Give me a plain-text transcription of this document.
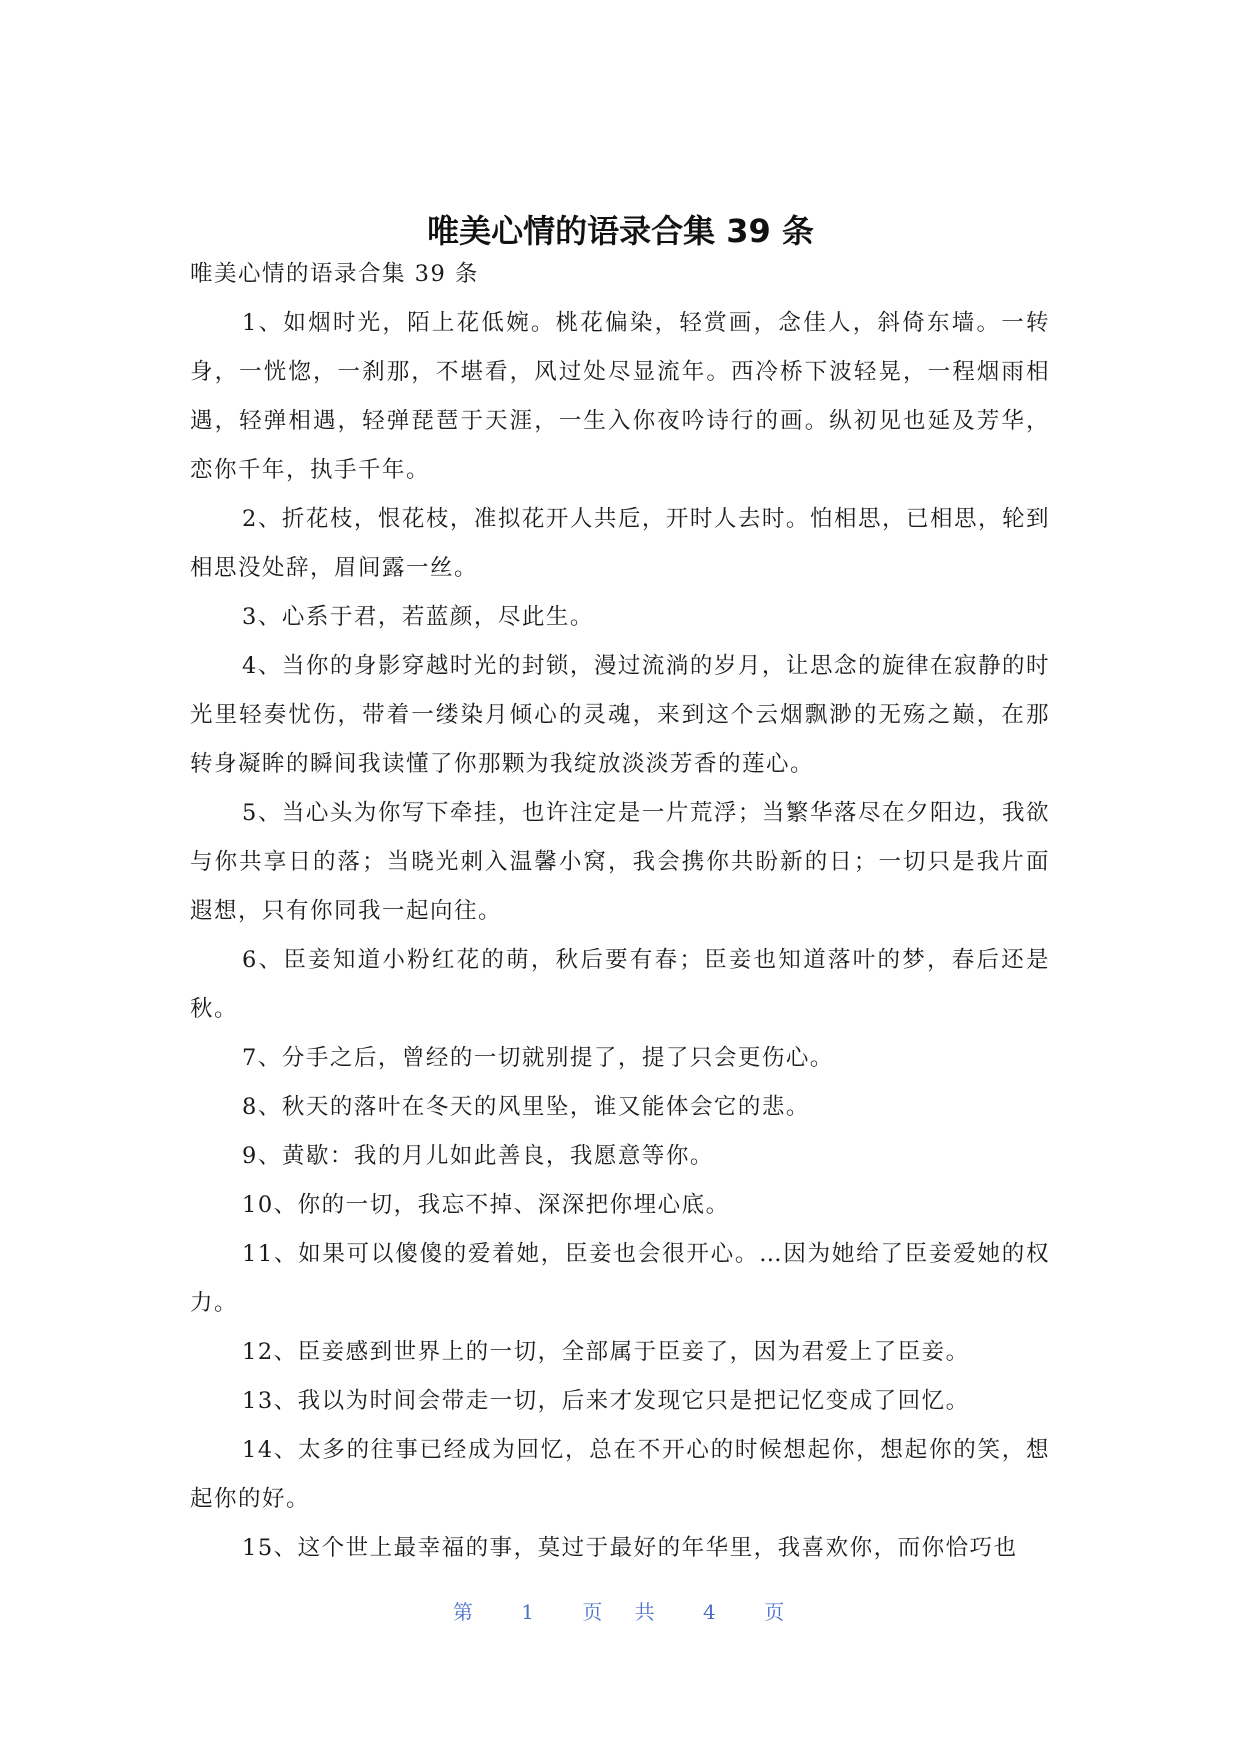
唯美心情的语录合集 39 条

唯美心情的语录合集 39 条

1、如烟时光，陌上花低婉。桃花偏染，轻赏画，念佳人，斜倚东墙。一转身，一恍惚，一刹那，不堪看，风过处尽显流年。西冷桥下波轻晃，一程烟雨相遇，轻弹相遇，轻弹琵琶于天涯，一生入你夜吟诗行的画。纵初见也延及芳华，恋你千年，执手千年。

2、折花枝，恨花枝，准拟花开人共卮，开时人去时。怕相思，已相思，轮到相思没处辞，眉间露一丝。

3、心系于君，若蓝颜，尽此生。

4、当你的身影穿越时光的封锁，漫过流淌的岁月，让思念的旋律在寂静的时光里轻奏忧伤，带着一缕染月倾心的灵魂，来到这个云烟飘渺的无殇之巅，在那转身凝眸的瞬间我读懂了你那颗为我绽放淡淡芳香的莲心。

5、当心头为你写下牵挂，也许注定是一片荒浮；当繁华落尽在夕阳边，我欲与你共享日的落；当晓光刺入温馨小窝，我会携你共盼新的日；一切只是我片面遐想，只有你同我一起向往。

6、臣妾知道小粉红花的萌，秋后要有春；臣妾也知道落叶的梦，春后还是秋。

7、分手之后，曾经的一切就别提了，提了只会更伤心。

8、秋天的落叶在冬天的风里坠，谁又能体会它的悲。

9、黄歇：我的月儿如此善良，我愿意等你。

10、你的一切，我忘不掉、深深把你埋心底。

11、如果可以傻傻的爱着她，臣妾也会很开心。…因为她给了臣妾爱她的权力。

12、臣妾感到世界上的一切，全部属于臣妾了，因为君爱上了臣妾。

13、我以为时间会带走一切，后来才发现它只是把记忆变成了回忆。

14、太多的往事已经成为回忆，总在不开心的时候想起你，想起你的笑，想起你的好。

15、这个世上最幸福的事，莫过于最好的年华里，我喜欢你，而你恰巧也

第 1 页 共 4 页
